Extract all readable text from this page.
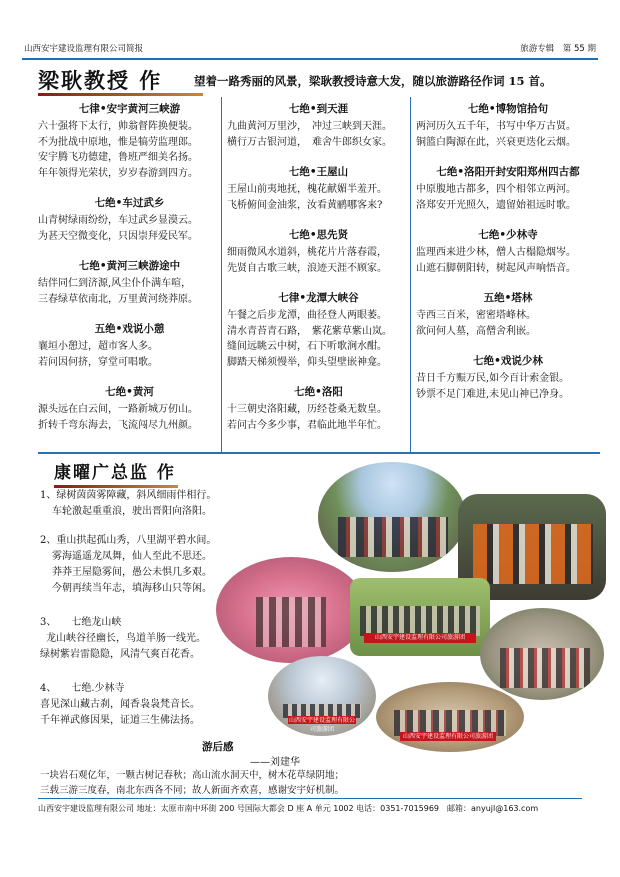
山西安宇建设监理有限公司简报	旅游专辑　第 55 期
梁耿教授 作	望着一路秀丽的风景，梁耿教授诗意大发，随以旅游路径作词 15 首。
七律•安宇黄河三峡游
六十强将下太行，帅翁督阵换便装。
不为批战中原地，惟是犒劳监理郎。
安宇腾飞功德建，鲁班严细美名扬。
年年领得光荣状，岁岁春游到四方。
七绝•车过武乡
山青树绿雨纷纷，车过武乡显漠云。
为甚天空微变化，只因崇拜爱民军。
七绝•黄河三峡游途中
结伴同仁到济源,风尘仆仆满车喧，
三春绿草依南北，万里黄河绕莽原。
五绝•戏说小憩
襄垣小憩过，超市客人多。
若问因何挤，穿堂可唱歌。
七绝•黄河
源头远在白云间，一路新城万仞山。
折转千弯东海去，飞流闯尽九州颜。
七绝•到天涯
九曲黄河万里沙，　冲过三峡到天涯。
横行万古银河道，　难舍牛郎织女家。
七绝•王屋山
王屋山前夷地抚，槐花献媚半羞开。
飞桥俯间金油浆，汝看黄鹂哪客来?
七绝•思先贤
细雨微风水道斜，桃花片片落春霞，
先贤自古歌三峡，浪迹天涯不顾家。
七律•龙潭大峡谷
午餐之后步龙潭，曲径登人两眼萎。
清水青苔青石路，　紫花紫草紫山岚。
缝间远眺云中树，石下听歌涧水酣。
脚踏天梯须慢举，仰头望壁嵌神龛。
七绝•洛阳
十三朝史洛阳藏，历经苍桑无数皇。
若问古今多少事，君临此地半年忙。
七绝•博物馆拾句
两河历久五千年，书写中华万古贤。
铜篮白陶源在此，兴衰更迭化云烟。
七绝•洛阳开封安阳郑州四古都
中原腹地古都多，四个相邻立两河。
洛郑安开光照久，遗留始祖远时歌。
七绝•少林寺
监理西来进少林，僧人古榻隐烟岑。
山遮石脚朝阳转，树起风声响悟音。
五绝•塔林
寺西三百米，密密塔峰林。
欲问何人墓，高僧舍利嵌。
七绝•戏说少林
昔日千方赈万民,如今百计索金银。
钞票不足门难进,未见山神已净身。
康曜广总监 作
1、绿树茵茵雾障藏，斜风细雨伴相行。
车轮激起重重浪，驶出晋阳向洛阳。
2、重山拱起孤山秀，八里湖平碧水间。
雾海遥遥龙凤舞，仙人至此不思还。
莽莽王屋隐雾间，愚公未惧几多艰。
今朝再续当年志，填海移山只等闲。
3、　　七绝龙山峡
龙山峡谷径幽长，鸟道羊肠一线光。
绿树紫岩雷隐隐，风清气爽百花香。
4、　　七绝.少林寺
喜见深山藏古刹，闻香袅袅梵音长。
千年禅武修因果，证道三生佛法扬。
游后感
——刘建华
一块岩石观亿年，一颗古树记春秋；高山流水洞天中，树木花草绿阴地；
三载三游三度春，南北东西各不同；故人新面齐欢喜，感谢安宇好机制。
山西安宇建设监理有限公司旅游团
山西安宇建设监理有限公司旅游团
山西安宇建设监理有限公司旅游团
山西安宇建设监理有限公司 地址：太原市南中环街 200 号国际大都会 D 座 A 单元 1002 电话：0351-7015969　邮箱：anyujl@163.com
